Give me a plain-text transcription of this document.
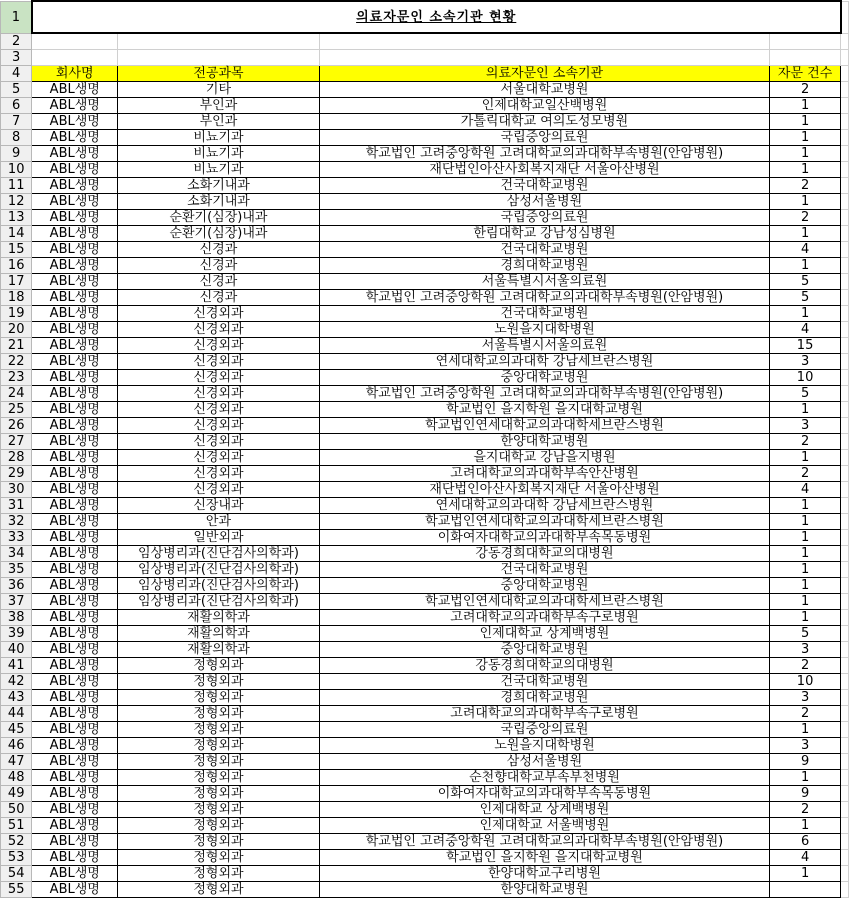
1	의료자문인 소속기관 현황				
2					
3					
4	회사명	전공과목	의료자문인 소속기관	자문 건수	
5	ABL생명	기타	서울대학교병원	2	
6	ABL생명	부인과	인제대학교일산백병원	1	
7	ABL생명	부인과	가톨릭대학교 여의도성모병원	1	
8	ABL생명	비뇨기과	국립중앙의료원	1	
9	ABL생명	비뇨기과	학교법인 고려중앙학원 고려대학교의과대학부속병원(안암병원)	1	
10	ABL생명	비뇨기과	재단법인아산사회복지재단 서울아산병원	1	
11	ABL생명	소화기내과	건국대학교병원	2	
12	ABL생명	소화기내과	삼성서울병원	1	
13	ABL생명	순환기(심장)내과	국립중앙의료원	2	
14	ABL생명	순환기(심장)내과	한림대학교 강남성심병원	1	
15	ABL생명	신경과	건국대학교병원	4	
16	ABL생명	신경과	경희대학교병원	1	
17	ABL생명	신경과	서울특별시서울의료원	5	
18	ABL생명	신경과	학교법인 고려중앙학원 고려대학교의과대학부속병원(안암병원)	5	
19	ABL생명	신경외과	건국대학교병원	1	
20	ABL생명	신경외과	노원을지대학병원	4	
21	ABL생명	신경외과	서울특별시서울의료원	15	
22	ABL생명	신경외과	연세대학교의과대학 강남세브란스병원	3	
23	ABL생명	신경외과	중앙대학교병원	10	
24	ABL생명	신경외과	학교법인 고려중앙학원 고려대학교의과대학부속병원(안암병원)	5	
25	ABL생명	신경외과	학교법인 을지학원 을지대학교병원	1	
26	ABL생명	신경외과	학교법인연세대학교의과대학세브란스병원	3	
27	ABL생명	신경외과	한양대학교병원	2	
28	ABL생명	신경외과	을지대학교 강남을지병원	1	
29	ABL생명	신경외과	고려대학교의과대학부속안산병원	2	
30	ABL생명	신경외과	재단법인아산사회복지재단 서울아산병원	4	
31	ABL생명	신장내과	연세대학교의과대학 강남세브란스병원	1	
32	ABL생명	안과	학교법인연세대학교의과대학세브란스병원	1	
33	ABL생명	일반외과	이화여자대학교의과대학부속목동병원	1	
34	ABL생명	임상병리과(진단검사의학과)	강동경희대학교의대병원	1	
35	ABL생명	임상병리과(진단검사의학과)	건국대학교병원	1	
36	ABL생명	임상병리과(진단검사의학과)	중앙대학교병원	1	
37	ABL생명	임상병리과(진단검사의학과)	학교법인연세대학교의과대학세브란스병원	1	
38	ABL생명	재활의학과	고려대학교의과대학부속구로병원	1	
39	ABL생명	재활의학과	인제대학교 상계백병원	5	
40	ABL생명	재활의학과	중앙대학교병원	3	
41	ABL생명	정형외과	강동경희대학교의대병원	2	
42	ABL생명	정형외과	건국대학교병원	10	
43	ABL생명	정형외과	경희대학교병원	3	
44	ABL생명	정형외과	고려대학교의과대학부속구로병원	2	
45	ABL생명	정형외과	국립중앙의료원	1	
46	ABL생명	정형외과	노원을지대학병원	3	
47	ABL생명	정형외과	삼성서울병원	9	
48	ABL생명	정형외과	순천향대학교부속부천병원	1	
49	ABL생명	정형외과	이화여자대학교의과대학부속목동병원	9	
50	ABL생명	정형외과	인제대학교 상계백병원	2	
51	ABL생명	정형외과	인제대학교 서울백병원	1	
52	ABL생명	정형외과	학교법인 고려중앙학원 고려대학교의과대학부속병원(안암병원)	6	
53	ABL생명	정형외과	학교법인 을지학원 을지대학교병원	4	
54	ABL생명	정형외과	한양대학교구리병원	1	
55	ABL생명	정형외과	한양대학교병원		
